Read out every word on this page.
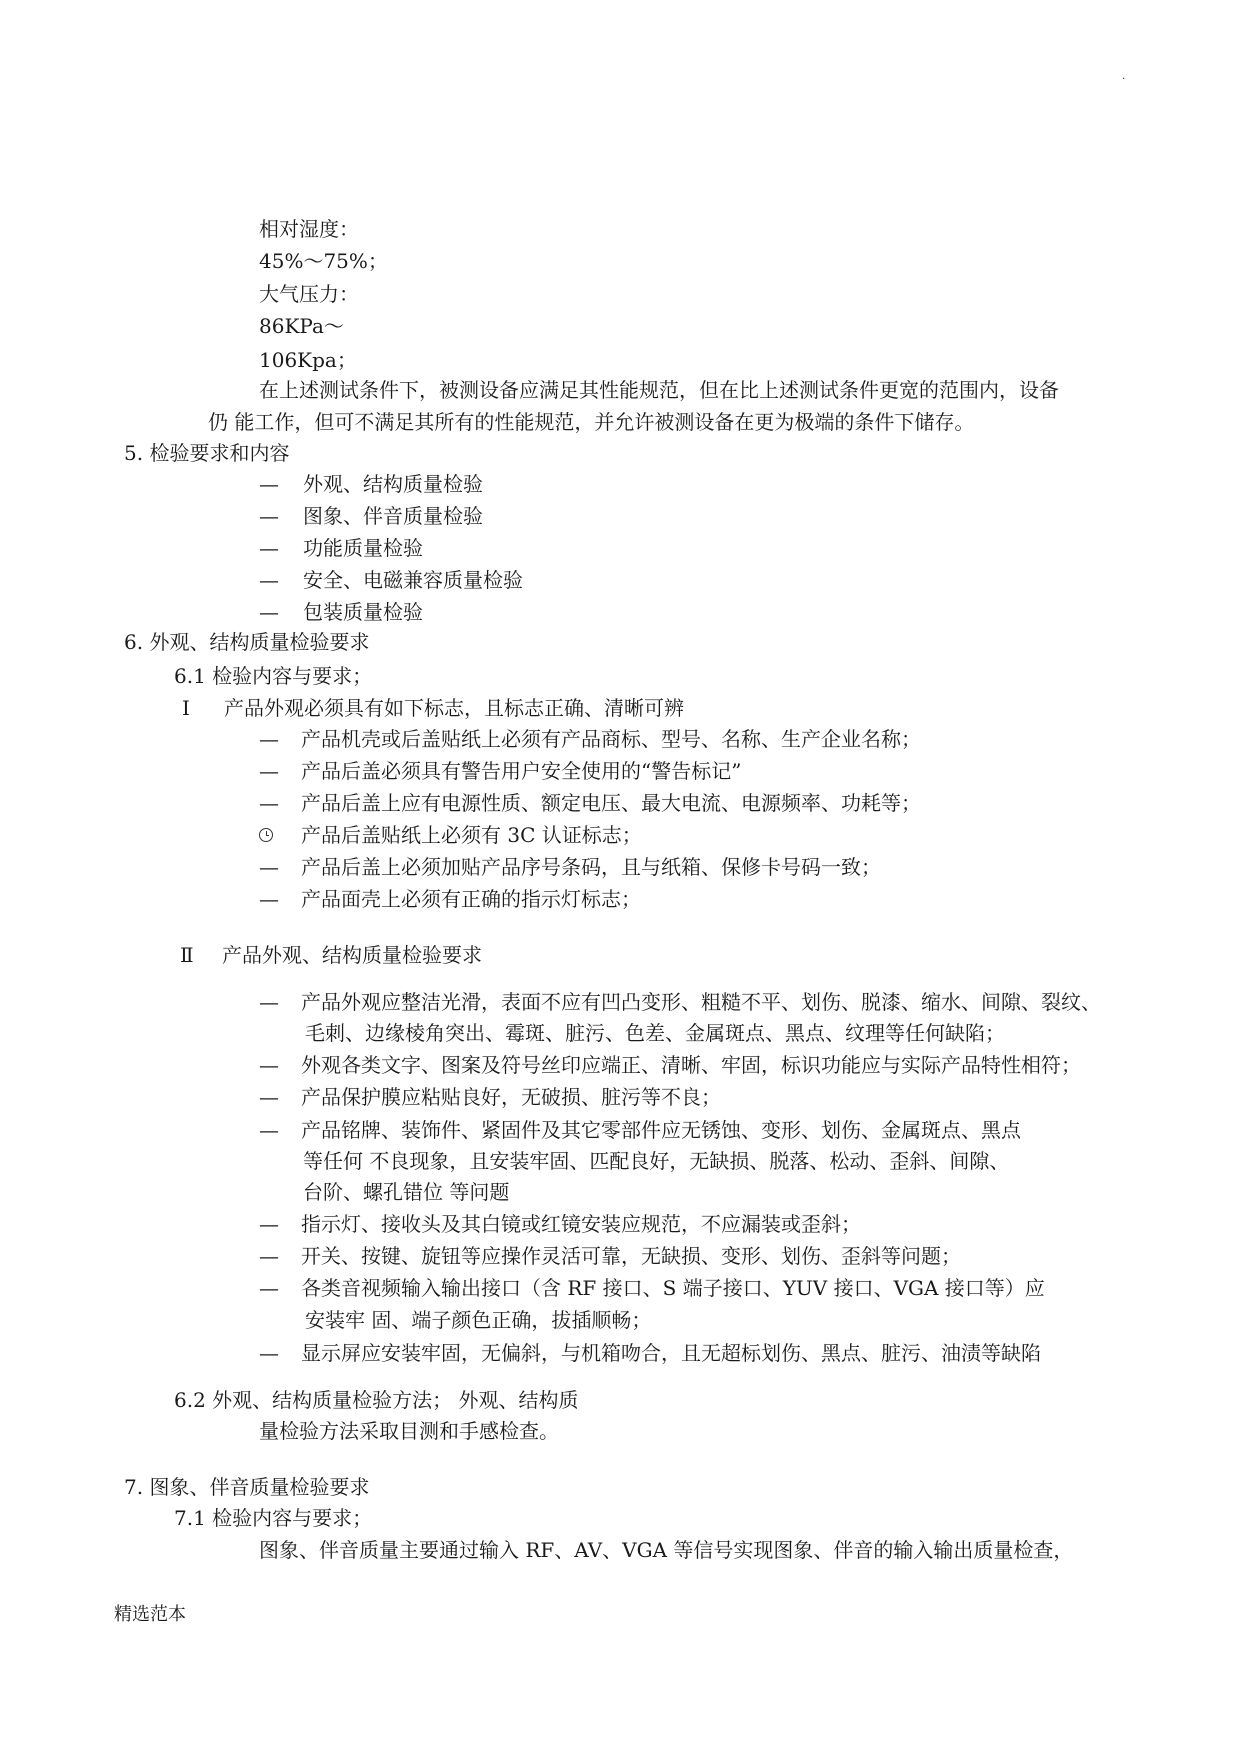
.
相对湿度：
45%～75%；
大气压力：
86KPa～
106Kpa；
在上述测试条件下，被测设备应满足其性能规范，但在比上述测试条件更宽的范围内，设备
仍 能工作，但可不满足其所有的性能规范，并允许被测设备在更为极端的条件下储存。
5. 检验要求和内容
— 外观、结构质量检验
— 图象、伴音质量检验
— 功能质量检验
— 安全、电磁兼容质量检验
— 包装质量检验
6. 外观、结构质量检验要求
6.1 检验内容与要求；
Ⅰ 产品外观必须具有如下标志，且标志正确、清晰可辨
— 产品机壳或后盖贴纸上必须有产品商标、型号、名称、生产企业名称；
— 产品后盖必须具有警告用户安全使用的“警告标记”
— 产品后盖上应有电源性质、额定电压、最大电流、电源频率、功耗等；
产品后盖贴纸上必须有 3C 认证标志；
— 产品后盖上必须加贴产品序号条码，且与纸箱、保修卡号码一致；
— 产品面壳上必须有正确的指示灯标志；
Ⅱ 产品外观、结构质量检验要求
— 产品外观应整洁光滑，表面不应有凹凸变形、粗糙不平、划伤、脱漆、缩水、间隙、裂纹、
毛刺、边缘棱角突出、霉斑、脏污、色差、金属斑点、黑点、纹理等任何缺陷；
— 外观各类文字、图案及符号丝印应端正、清晰、牢固，标识功能应与实际产品特性相符；
— 产品保护膜应粘贴良好，无破损、脏污等不良；
— 产品铭牌、装饰件、紧固件及其它零部件应无锈蚀、变形、划伤、金属斑点、黑点
等任何 不良现象，且安装牢固、匹配良好，无缺损、脱落、松动、歪斜、间隙、
台阶、螺孔错位 等问题
— 指示灯、接收头及其白镜或红镜安装应规范，不应漏装或歪斜；
— 开关、按键、旋钮等应操作灵活可靠，无缺损、变形、划伤、歪斜等问题；
— 各类音视频输入输出接口（含 RF 接口、S 端子接口、YUV 接口、VGA 接口等）应
安装牢 固、端子颜色正确，拔插顺畅；
— 显示屏应安装牢固，无偏斜，与机箱吻合，且无超标划伤、黑点、脏污、油渍等缺陷
6.2 外观、结构质量检验方法； 外观、结构质
量检验方法采取目测和手感检查。
7. 图象、伴音质量检验要求
7.1 检验内容与要求；
图象、伴音质量主要通过输入 RF、AV、VGA 等信号实现图象、伴音的输入输出质量检查，
精选范本
